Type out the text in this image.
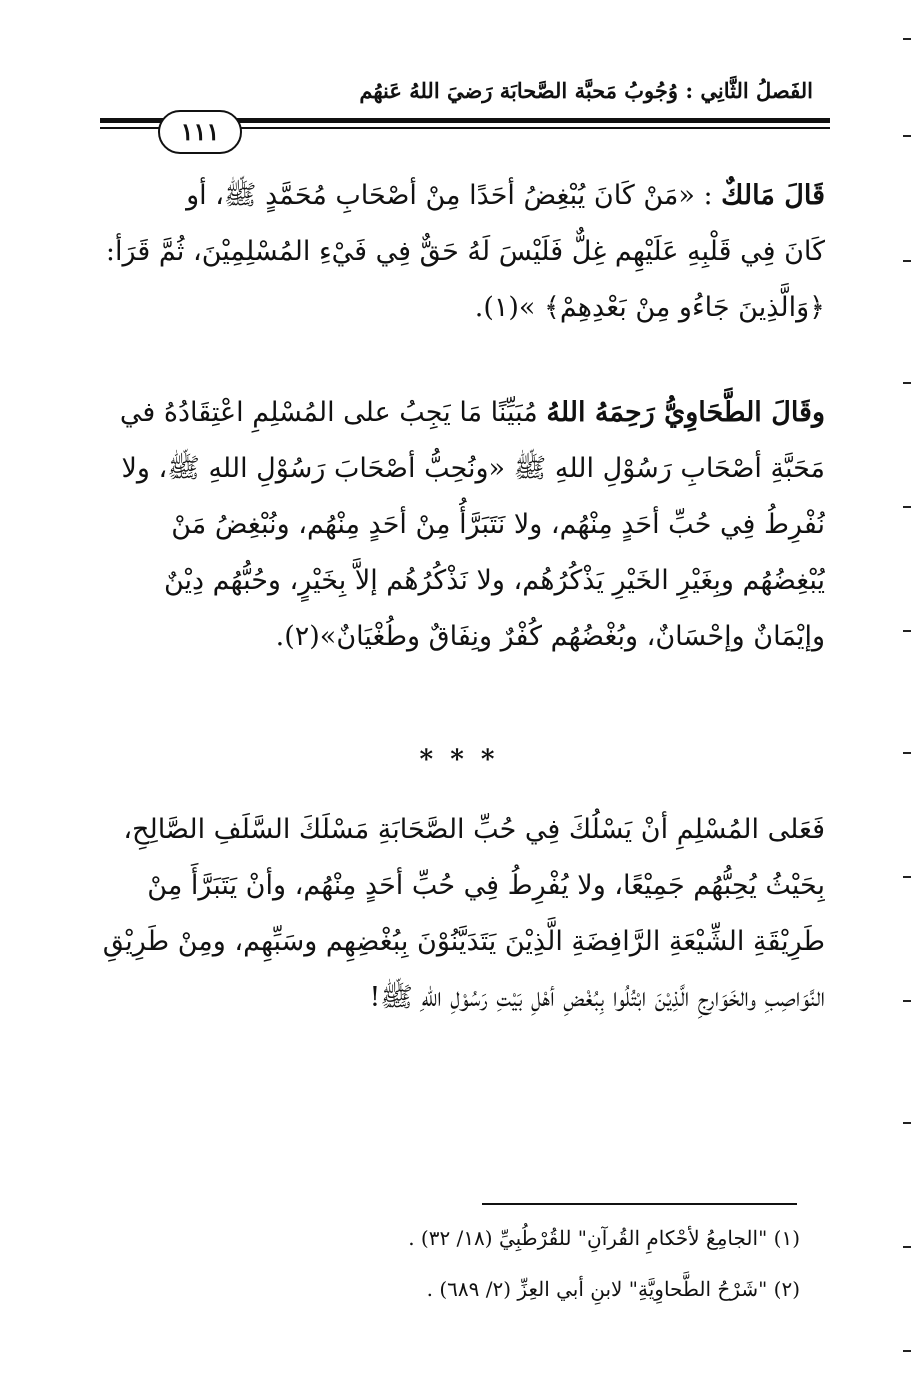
الفَصلُ الثَّانِي : وُجُوبُ مَحبَّة الصَّحابَة رَضيَ اللهُ عَنهُم
١١١
قَالَ مَالكٌ : «مَنْ كَانَ يُبْغِضُ أحَدًا مِنْ أصْحَابِ مُحَمَّدٍ ﷺ، أو
كَانَ فِي قَلْبِهِ عَلَيْهِم غِلٌّ فَلَيْسَ لَهُ حَقٌّ فِي فَيْءِ المُسْلِمِيْنَ، ثُمَّ قَرَأ:
﴿وَالَّذِينَ جَاءُو مِنْ بَعْدِهِمْ﴾ »(١).
وقَالَ الطَّحَاوِيُّ رَحِمَهُ اللهُ مُبَيِّنًا مَا يَجِبُ على المُسْلِمِ اعْتِقَادُهُ في
مَحَبَّةِ أصْحَابِ رَسُوْلِ اللهِ ﷺ «ونُحِبُّ أصْحَابَ رَسُوْلِ اللهِ ﷺ، ولا
نُفْرِطُ فِي حُبِّ أحَدٍ مِنْهُم، ولا نَتَبَرَّأُ مِنْ أحَدٍ مِنْهُم، ونُبْغِضُ مَنْ
يُبْغِضُهُم وبِغَيْرِ الخَيْرِ يَذْكُرُهُم، ولا نَذْكُرُهُم إلاَّ بِخَيْرٍ، وحُبُّهُم دِيْنٌ
وإيْمَانٌ وإحْسَانٌ، وبُغْضُهُم كُفْرٌ ونِفَاقٌ وطُغْيَانٌ»(٢).
* * *
فَعَلى المُسْلِمِ أنْ يَسْلُكَ فِي حُبِّ الصَّحَابَةِ مَسْلَكَ السَّلَفِ الصَّالِحِ،
بِحَيْثُ يُحِبُّهُم جَمِيْعًا، ولا يُفْرِطُ فِي حُبِّ أحَدٍ مِنْهُم، وأنْ يَتَبَرَّأَ مِنْ
طَرِيْقَةِ الشِّيْعَةِ الرَّافِضَةِ الَّذِيْنَ يَتَدَيَّنُوْنَ بِبُغْضِهِم وسَبِّهِم، ومِنْ طَرِيْقِ
النَّوَاصِبِ والخَوَارِجِ الَّذِيْنَ ابْتُلُوا بِبُغْضِ أهْلِ بَيْتِ رَسُوْلِ اللهِ ﷺ!
(١) "الجامِعُ لأحْكامِ القُرآنِ" للقُرْطُبِيِّ (١٨/ ٣٢) .
(٢) "شَرْحُ الطَّحاوِيَّةِ" لابنِ أبي العِزِّ (٢/ ٦٨٩) .
